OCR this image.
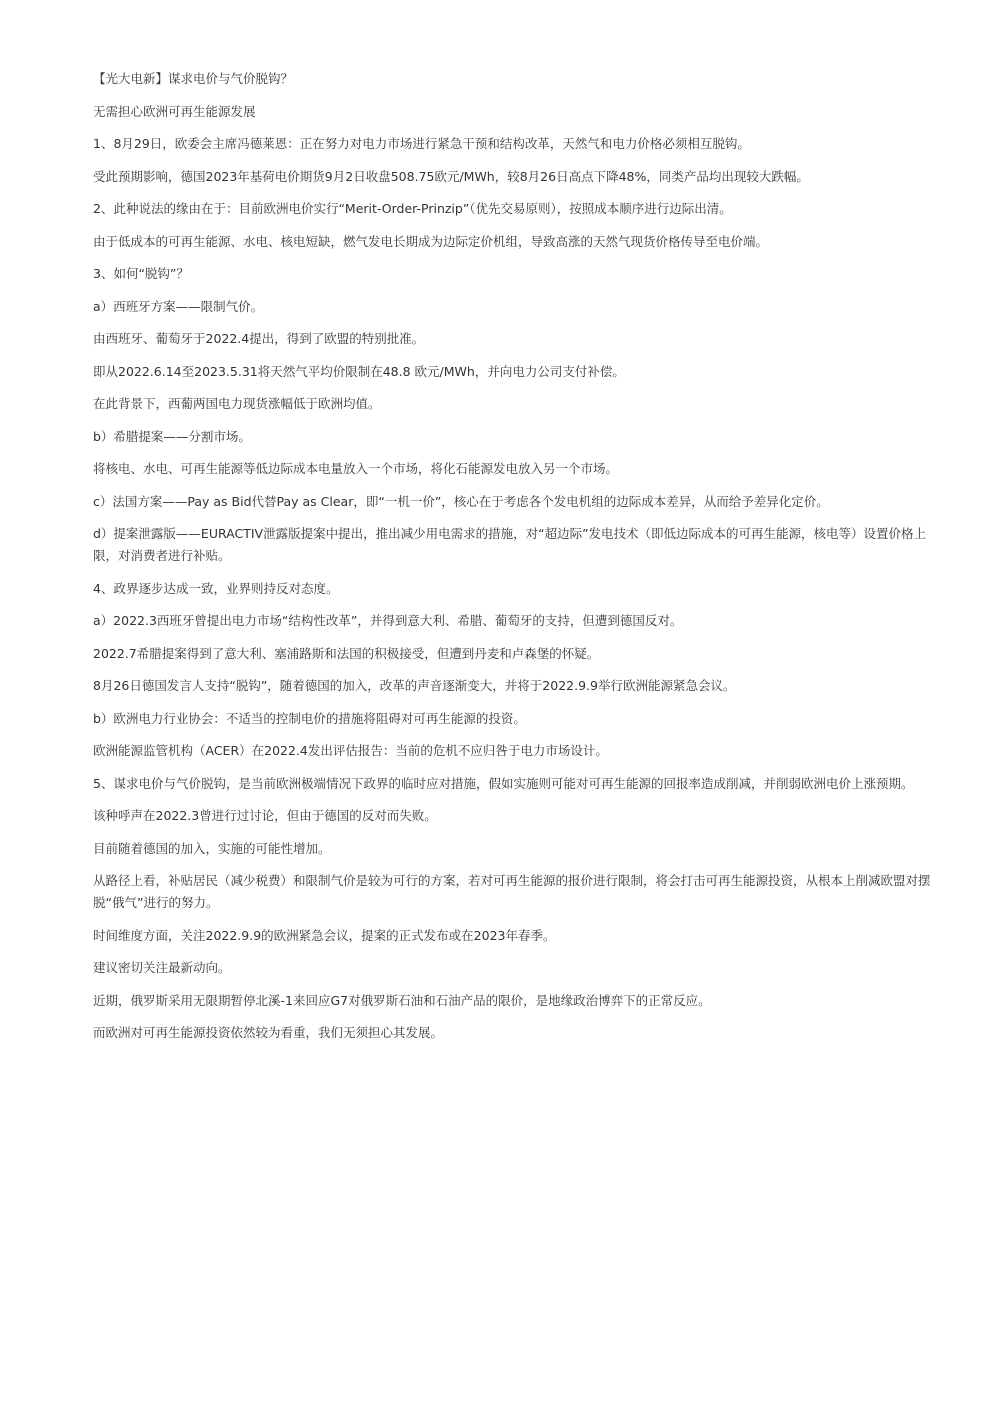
【光大电新】谋求电价与气价脱钩？

无需担心欧洲可再生能源发展

1、8月29日，欧委会主席冯德莱恩：正在努力对电力市场进行紧急干预和结构改革，天然气和电力价格必须相互脱钩。

受此预期影响，德国2023年基荷电价期货9月2日收盘508.75欧元/MWh，较8月26日高点下降48%，同类产品均出现较大跌幅。

2、此种说法的缘由在于：目前欧洲电价实行“Merit-Order-Prinzip”（优先交易原则），按照成本顺序进行边际出清。

由于低成本的可再生能源、水电、核电短缺，燃气发电长期成为边际定价机组，导致高涨的天然气现货价格传导至电价端。

3、如何“脱钩”？

a）西班牙方案——限制气价。

由西班牙、葡萄牙于2022.4提出，得到了欧盟的特别批准。

即从2022.6.14至2023.5.31将天然气平均价限制在48.8 欧元/MWh，并向电力公司支付补偿。

在此背景下，西葡两国电力现货涨幅低于欧洲均值。

b）希腊提案——分割市场。

将核电、水电、可再生能源等低边际成本电量放入一个市场，将化石能源发电放入另一个市场。

c）法国方案——Pay as Bid代替Pay as Clear，即“一机一价”，核心在于考虑各个发电机组的边际成本差异，从而给予差异化定价。

d）提案泄露版——EURACTIV泄露版提案中提出，推出减少用电需求的措施，对“超边际”发电技术（即低边际成本的可再生能源，核电等）设置价格上限，对消费者进行补贴。

4、政界逐步达成一致，业界则持反对态度。

a）2022.3西班牙曾提出电力市场“结构性改革”，并得到意大利、希腊、葡萄牙的支持，但遭到德国反对。

2022.7希腊提案得到了意大利、塞浦路斯和法国的积极接受，但遭到丹麦和卢森堡的怀疑。

8月26日德国发言人支持“脱钩”，随着德国的加入，改革的声音逐渐变大，并将于2022.9.9举行欧洲能源紧急会议。

b）欧洲电力行业协会：不适当的控制电价的措施将阻碍对可再生能源的投资。

欧洲能源监管机构（ACER）在2022.4发出评估报告：当前的危机不应归咎于电力市场设计。

5、谋求电价与气价脱钩，是当前欧洲极端情况下政界的临时应对措施，假如实施则可能对可再生能源的回报率造成削减，并削弱欧洲电价上涨预期。

该种呼声在2022.3曾进行过讨论，但由于德国的反对而失败。

目前随着德国的加入，实施的可能性增加。

从路径上看，补贴居民（减少税费）和限制气价是较为可行的方案，若对可再生能源的报价进行限制，将会打击可再生能源投资，从根本上削减欧盟对摆脱“俄气”进行的努力。

时间维度方面，关注2022.9.9的欧洲紧急会议，提案的正式发布或在2023年春季。

建议密切关注最新动向。

近期，俄罗斯采用无限期暂停北溪-1来回应G7对俄罗斯石油和石油产品的限价，是地缘政治博弈下的正常反应。

而欧洲对可再生能源投资依然较为看重，我们无须担心其发展。
